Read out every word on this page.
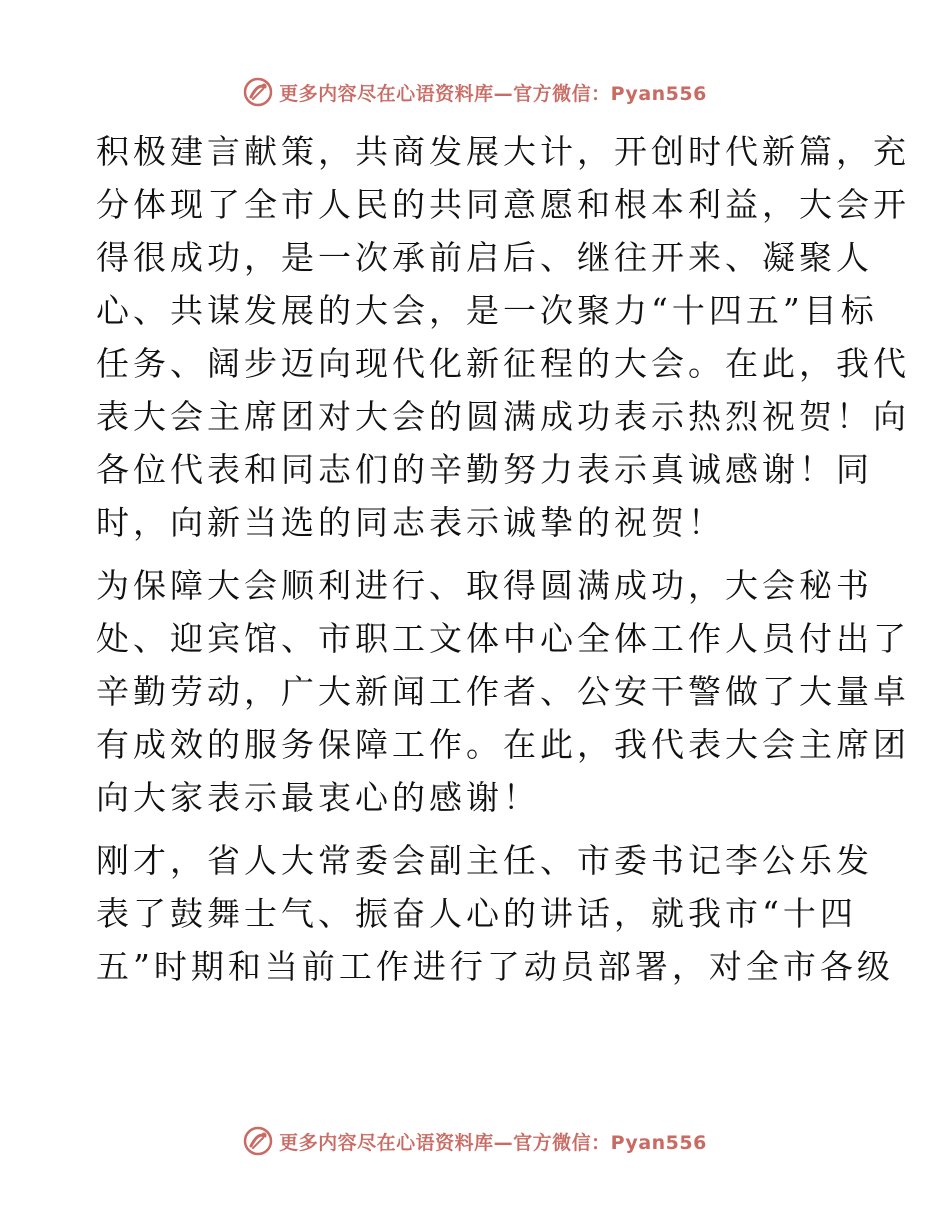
更多内容尽在心语资料库—官方微信：Pyan556
积极建言献策，共商发展大计，开创时代新篇，充
分体现了全市人民的共同意愿和根本利益，大会开
得很成功，是一次承前启后、继往开来、凝聚人
心、共谋发展的大会，是一次聚力“十四五”目标
任务、阔步迈向现代化新征程的大会。在此，我代
表大会主席团对大会的圆满成功表示热烈祝贺！向
各位代表和同志们的辛勤努力表示真诚感谢！同
时，向新当选的同志表示诚挚的祝贺！
为保障大会顺利进行、取得圆满成功，大会秘书
处、迎宾馆、市职工文体中心全体工作人员付出了
辛勤劳动，广大新闻工作者、公安干警做了大量卓
有成效的服务保障工作。在此，我代表大会主席团
向大家表示最衷心的感谢！
刚才，省人大常委会副主任、市委书记李公乐发
表了鼓舞士气、振奋人心的讲话，就我市“十四
五”时期和当前工作进行了动员部署，对全市各级
更多内容尽在心语资料库—官方微信：Pyan556
